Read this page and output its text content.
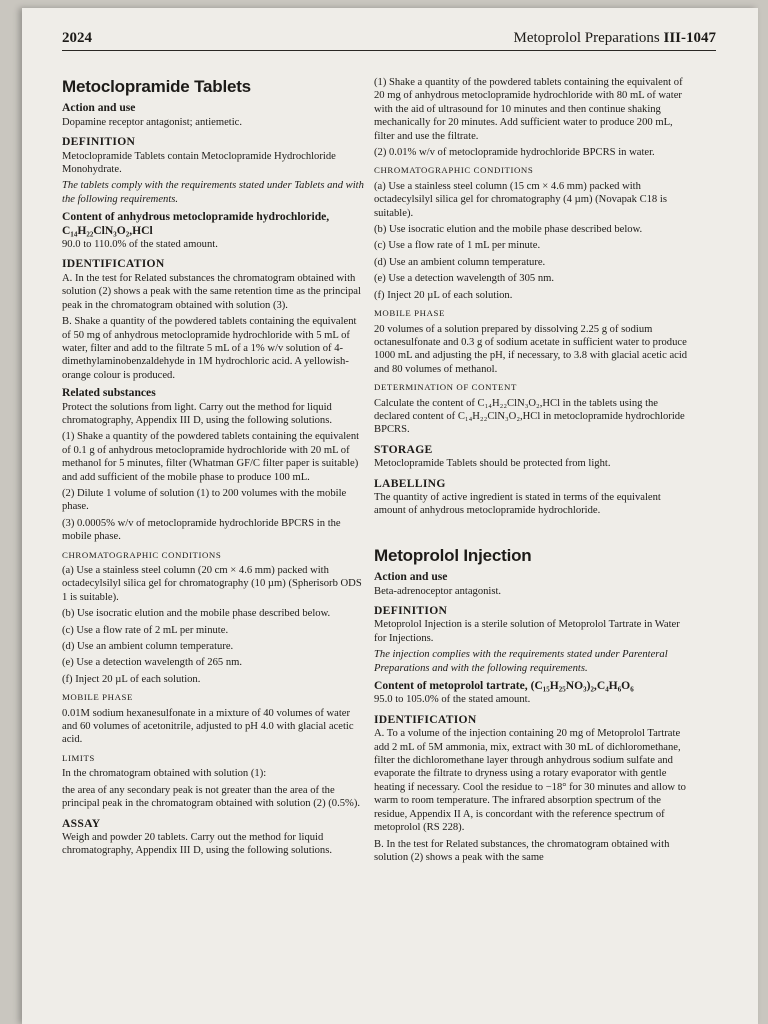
2024	Metoprolol Preparations III-1047
Metoclopramide Tablets
Action and use

Dopamine receptor antagonist; antiemetic.

DEFINITION

Metoclopramide Tablets contain Metoclopramide Hydrochloride Monohydrate.

The tablets comply with the requirements stated under Tablets and with the following requirements.

Content of anhydrous metoclopramide hydrochloride, C₁₄H₂₂ClN₃O₂,HCl

90.0 to 110.0% of the stated amount.

IDENTIFICATION

A. In the test for Related substances the chromatogram obtained with solution (2) shows a peak with the same retention time as the principal peak in the chromatogram obtained with solution (3).

B. Shake a quantity of the powdered tablets containing the equivalent of 50 mg of anhydrous metoclopramide hydrochloride with 5 mL of water, filter and add to the filtrate 5 mL of a 1% w/v solution of 4-dimethylaminobenzaldehyde in 1M hydrochloric acid. A yellowish-orange colour is produced.

Related substances

Protect the solutions from light. Carry out the method for liquid chromatography, Appendix III D, using the following solutions.

(1) Shake a quantity of the powdered tablets containing the equivalent of 0.1 g of anhydrous metoclopramide hydrochloride with 20 mL of methanol for 5 minutes, filter (Whatman GF/C filter paper is suitable) and add sufficient of the mobile phase to produce 100 mL.

(2) Dilute 1 volume of solution (1) to 200 volumes with the mobile phase.

(3) 0.0005% w/v of metoclopramide hydrochloride BPCRS in the mobile phase.

CHROMATOGRAPHIC CONDITIONS

(a) Use a stainless steel column (20 cm × 4.6 mm) packed with octadecylsilyl silica gel for chromatography (10 µm) (Spherisorb ODS 1 is suitable).

(b) Use isocratic elution and the mobile phase described below.

(c) Use a flow rate of 2 mL per minute.

(d) Use an ambient column temperature.

(e) Use a detection wavelength of 265 nm.

(f) Inject 20 µL of each solution.

MOBILE PHASE

0.01M sodium hexanesulfonate in a mixture of 40 volumes of water and 60 volumes of acetonitrile, adjusted to pH 4.0 with glacial acetic acid.

LIMITS

In the chromatogram obtained with solution (1):

the area of any secondary peak is not greater than the area of the principal peak in the chromatogram obtained with solution (2) (0.5%).

ASSAY

Weigh and powder 20 tablets. Carry out the method for liquid chromatography, Appendix III D, using the following solutions.

(1) Shake a quantity of the powdered tablets containing the equivalent of 20 mg of anhydrous metoclopramide hydrochloride with 80 mL of water with the aid of ultrasound for 10 minutes and then continue shaking mechanically for 20 minutes. Add sufficient water to produce 200 mL, filter and use the filtrate.

(2) 0.01% w/v of metoclopramide hydrochloride BPCRS in water.

CHROMATOGRAPHIC CONDITIONS

(a) Use a stainless steel column (15 cm × 4.6 mm) packed with octadecylsilyl silica gel for chromatography (4 µm) (Novapak C18 is suitable).

(b) Use isocratic elution and the mobile phase described below.

(c) Use a flow rate of 1 mL per minute.

(d) Use an ambient column temperature.

(e) Use a detection wavelength of 305 nm.

(f) Inject 20 µL of each solution.

MOBILE PHASE

20 volumes of a solution prepared by dissolving 2.25 g of sodium octanesulfonate and 0.3 g of sodium acetate in sufficient water to produce 1000 mL and adjusting the pH, if necessary, to 3.8 with glacial acetic acid and 80 volumes of methanol.

DETERMINATION OF CONTENT

Calculate the content of C₁₄H₂₂ClN₃O₂,HCl in the tablets using the declared content of C₁₄H₂₂ClN₃O₂,HCl in metoclopramide hydrochloride BPCRS.

STORAGE

Metoclopramide Tablets should be protected from light.

LABELLING

The quantity of active ingredient is stated in terms of the equivalent amount of anhydrous metoclopramide hydrochloride.

Metoprolol Injection
Action and use

Beta-adrenoceptor antagonist.

DEFINITION

Metoprolol Injection is a sterile solution of Metoprolol Tartrate in Water for Injections.

The injection complies with the requirements stated under Parenteral Preparations and with the following requirements.

Content of metoprolol tartrate, (C₁₅H₂₅NO₃)₂,C₄H₆O₆

95.0 to 105.0% of the stated amount.

IDENTIFICATION

A. To a volume of the injection containing 20 mg of Metoprolol Tartrate add 2 mL of 5M ammonia, mix, extract with 30 mL of dichloromethane, filter the dichloromethane layer through anhydrous sodium sulfate and evaporate the filtrate to dryness using a rotary evaporator with gentle heating if necessary. Cool the residue to −18° for 30 minutes and allow to warm to room temperature. The infrared absorption spectrum of the residue, Appendix II A, is concordant with the reference spectrum of metoprolol (RS 228).

B. In the test for Related substances, the chromatogram obtained with solution (2) shows a peak with the same
